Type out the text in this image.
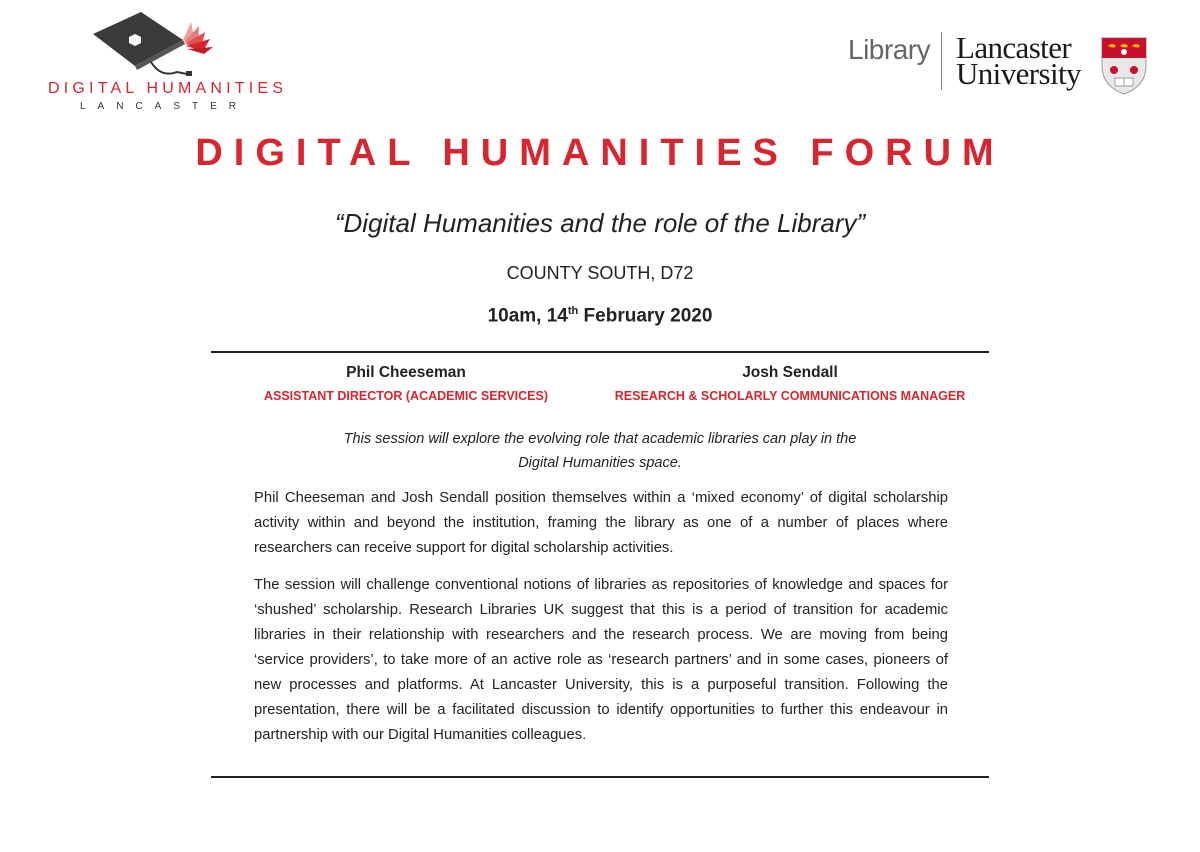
DIGITAL HUMANITIES
LANCASTER
Library Lancaster
University
DIGITAL HUMANITIES FORUM
“Digital Humanities and the role of the Library”
COUNTY SOUTH, D72
10am, 14th February 2020
Phil Cheeseman
ASSISTANT DIRECTOR (ACADEMIC SERVICES)
Josh Sendall
RESEARCH & SCHOLARLY COMMUNICATIONS MANAGER
This session will explore the evolving role that academic libraries can play in the
Digital Humanities space.
Phil Cheeseman and Josh Sendall position themselves within a ‘mixed economy’ of digital scholarship activity within and beyond the institution, framing the library as one of a number of places where researchers can receive support for digital scholarship activities.
The session will challenge conventional notions of libraries as repositories of knowledge and spaces for ‘shushed’ scholarship. Research Libraries UK suggest that this is a period of transition for academic libraries in their relationship with researchers and the research process. We are moving from being ‘service providers’, to take more of an active role as ‘research partners’ and in some cases, pioneers of new processes and platforms. At Lancaster University, this is a purposeful transition. Following the presentation, there will be a facilitated discussion to identify opportunities to further this endeavour in partnership with our Digital Humanities colleagues.
